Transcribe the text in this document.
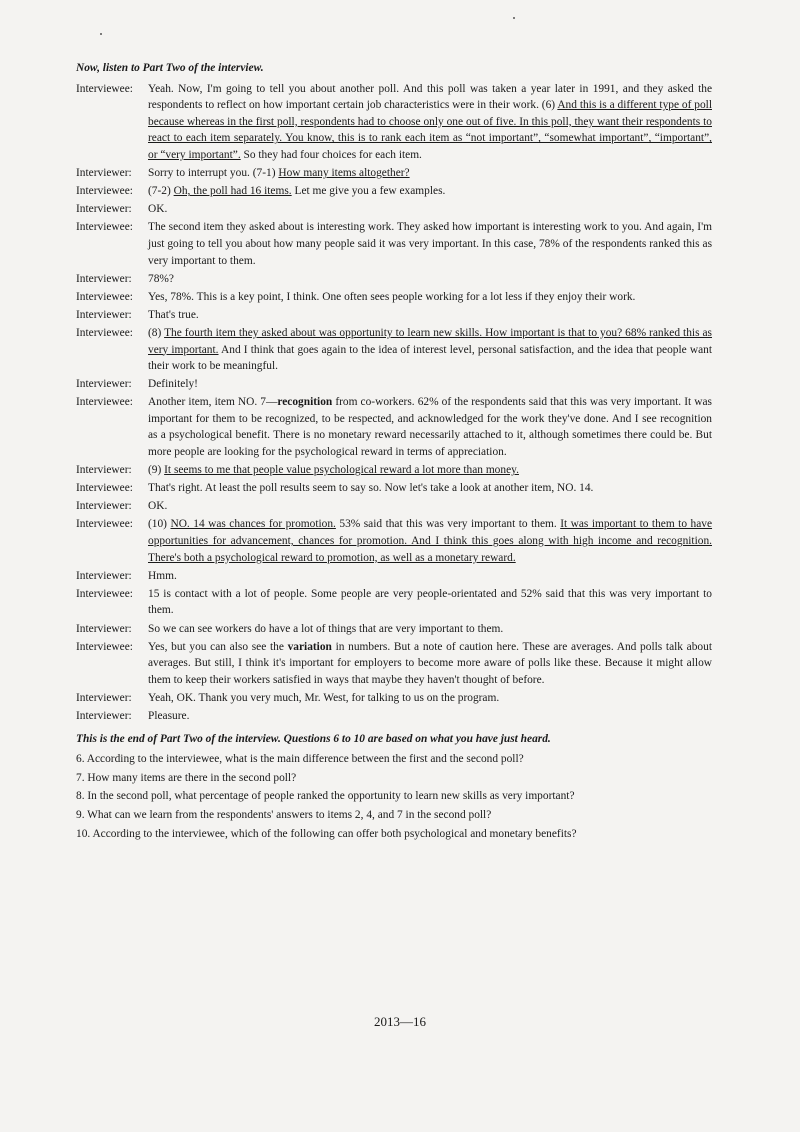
Now, listen to Part Two of the interview.
Interviewee:	Yeah. Now, I'm going to tell you about another poll. And this poll was taken a year later in 1991, and they asked the respondents to reflect on how important certain job characteristics were in their work. (6) And this is a different type of poll because whereas in the first poll, respondents had to choose only one out of five. In this poll, they want their respondents to react to each item separately. You know, this is to rank each item as “not important”, “somewhat important”, “important”, or “very important”. So they had four choices for each item.
Interviewer:	Sorry to interrupt you. (7-1) How many items altogether?
Interviewee:	(7-2) Oh, the poll had 16 items. Let me give you a few examples.
Interviewer:	OK.
Interviewee:	The second item they asked about is interesting work. They asked how important is interesting work to you. And again, I'm just going to tell you about how many people said it was very important. In this case, 78% of the respondents ranked this as very important to them.
Interviewer:	78%?
Interviewee:	Yes, 78%. This is a key point, I think. One often sees people working for a lot less if they enjoy their work.
Interviewer:	That's true.
Interviewee:	(8) The fourth item they asked about was opportunity to learn new skills. How important is that to you? 68% ranked this as very important. And I think that goes again to the idea of interest level, personal satisfaction, and the idea that people want their work to be meaningful.
Interviewer:	Definitely!
Interviewee:	Another item, item NO. 7—recognition from co-workers. 62% of the respondents said that this was very important. It was important for them to be recognized, to be respected, and acknowledged for the work they've done. And I see recognition as a psychological benefit. There is no monetary reward necessarily attached to it, although sometimes there could be. But more people are looking for the psychological reward in terms of appreciation.
Interviewer:	(9) It seems to me that people value psychological reward a lot more than money.
Interviewee:	That's right. At least the poll results seem to say so. Now let's take a look at another item, NO. 14.
Interviewer:	OK.
Interviewee:	(10) NO. 14 was chances for promotion. 53% said that this was very important to them. It was important to them to have opportunities for advancement, chances for promotion. And I think this goes along with high income and recognition. There's both a psychological reward to promotion, as well as a monetary reward.
Interviewer:	Hmm.
Interviewee:	15 is contact with a lot of people. Some people are very people-orientated and 52% said that this was very important to them.
Interviewer:	So we can see workers do have a lot of things that are very important to them.
Interviewee:	Yes, but you can also see the variation in numbers. But a note of caution here. These are averages. And polls talk about averages. But still, I think it's important for employers to become more aware of polls like these. Because it might allow them to keep their workers satisfied in ways that maybe they haven't thought of before.
Interviewer:	Yeah, OK. Thank you very much, Mr. West, for talking to us on the program.
Interviewer:	Pleasure.
This is the end of Part Two of the interview. Questions 6 to 10 are based on what you have just heard.
6. According to the interviewee, what is the main difference between the first and the second poll?
7. How many items are there in the second poll?
8. In the second poll, what percentage of people ranked the opportunity to learn new skills as very important?
9. What can we learn from the respondents' answers to items 2, 4, and 7 in the second poll?
10. According to the interviewee, which of the following can offer both psychological and monetary benefits?
2013—16
